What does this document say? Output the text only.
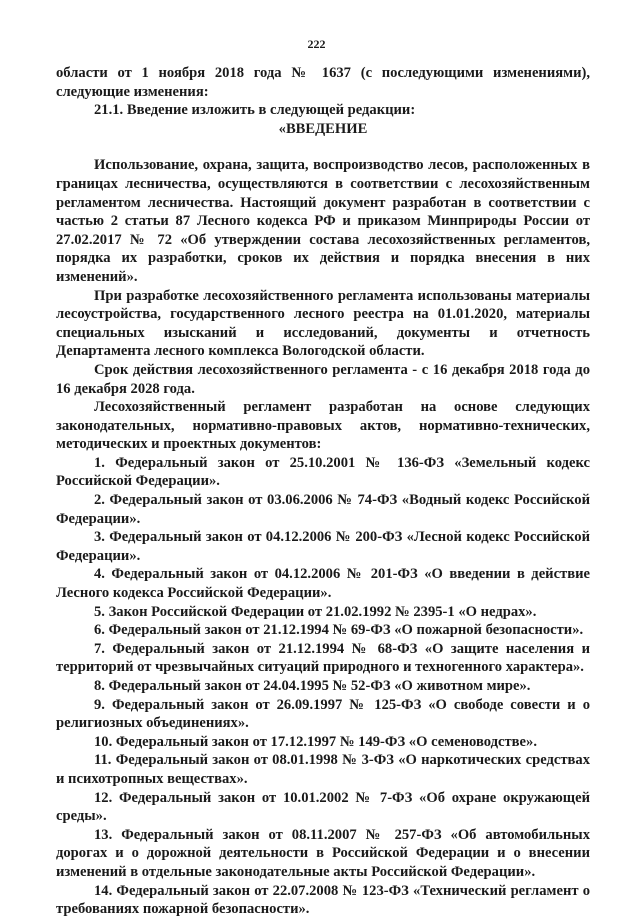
222

области от 1 ноября 2018 года № 1637 (с последующими изменениями), следующие изменения:

21.1. Введение изложить в следующей редакции:

«ВВЕДЕНИЕ

Использование, охрана, защита, воспроизводство лесов, расположенных в границах лесничества, осуществляются в соответствии с лесохозяйственным регламентом лесничества. Настоящий документ разработан в соответствии с частью 2 статьи 87 Лесного кодекса РФ и приказом Минприроды России от 27.02.2017 № 72 «Об утверждении состава лесохозяйственных регламентов, порядка их разработки, сроков их действия и порядка внесения в них изменений».

При разработке лесохозяйственного регламента использованы материалы лесоустройства, государственного лесного реестра на 01.01.2020, материалы специальных изысканий и исследований, документы и отчетность Департамента лесного комплекса Вологодской области.

Срок действия лесохозяйственного регламента - с 16 декабря 2018 года до 16 декабря 2028 года.

Лесохозяйственный регламент разработан на основе следующих законодательных, нормативно-правовых актов, нормативно-технических, методических и проектных документов:

1. Федеральный закон от 25.10.2001 № 136-ФЗ «Земельный кодекс Российской Федерации».

2. Федеральный закон от 03.06.2006 № 74-ФЗ «Водный кодекс Российской Федерации».

3. Федеральный закон от 04.12.2006 № 200-ФЗ «Лесной кодекс Российской Федерации».

4. Федеральный закон от 04.12.2006 № 201-ФЗ «О введении в действие Лесного кодекса Российской Федерации».

5. Закон Российской Федерации от 21.02.1992 № 2395-1 «О недрах».

6. Федеральный закон от 21.12.1994 № 69-ФЗ «О пожарной безопасности».

7. Федеральный закон от 21.12.1994 № 68-ФЗ «О защите населения и территорий от чрезвычайных ситуаций природного и техногенного характера».

8. Федеральный закон от 24.04.1995 № 52-ФЗ «О животном мире».

9. Федеральный закон от 26.09.1997 № 125-ФЗ «О свободе совести и о религиозных объединениях».

10. Федеральный закон от 17.12.1997 № 149-ФЗ «О семеноводстве».

11. Федеральный закон от 08.01.1998 № 3-ФЗ «О наркотических средствах и психотропных веществах».

12. Федеральный закон от 10.01.2002 № 7-ФЗ «Об охране окружающей среды».

13. Федеральный закон от 08.11.2007 № 257-ФЗ «Об автомобильных дорогах и о дорожной деятельности в Российской Федерации и о внесении изменений в отдельные законодательные акты Российской Федерации».

14. Федеральный закон от 22.07.2008 № 123-ФЗ «Технический регламент о требованиях пожарной безопасности».
